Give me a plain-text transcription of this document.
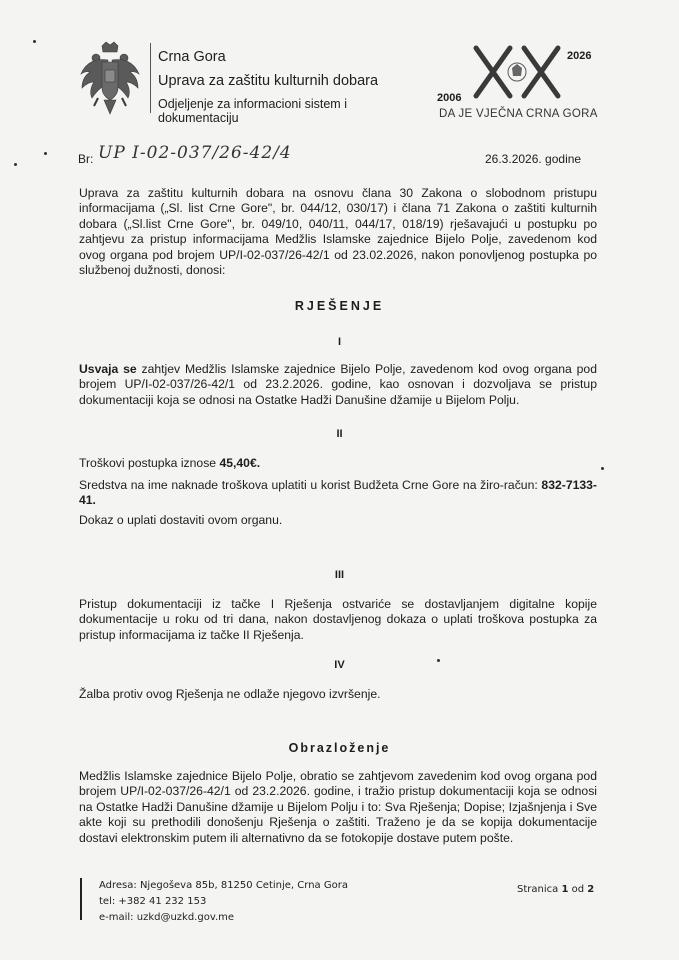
Crna Gora
Uprava za zaštitu kulturnih dobara
Odjeljenje za informacioni sistem i dokumentaciju
2026
2006
DA JE VJEČNA CRNA GORA
Br: UP I-02-037/26-42/4	26.3.2026. godine
Uprava za zaštitu kulturnih dobara na osnovu člana 30 Zakona o slobodnom pristupu informacijama („Sl. list Crne Gore", br. 044/12, 030/17) i člana 71 Zakona o zaštiti kulturnih dobara („Sl.list Crne Gore", br. 049/10, 040/11, 044/17, 018/19) rješavajući u postupku po zahtjevu za pristup informacijama Medžlis Islamske zajednice Bijelo Polje, zavedenom kod ovog organa pod brojem UP/I-02-037/26-42/1 od 23.02.2026, nakon ponovljenog postupka po službenoj dužnosti, donosi:
RJEŠENJE
I
Usvaja se zahtjev Medžlis Islamske zajednice Bijelo Polje, zavedenom kod ovog organa pod brojem UP/I-02-037/26-42/1 od 23.2.2026. godine, kao osnovan i dozvoljava se pristup dokumentaciji koja se odnosi na Ostatke Hadži Danušine džamije u Bijelom Polju.
II
Troškovi postupka iznose 45,40€.
Sredstva na ime naknade troškova uplatiti u korist Budžeta Crne Gore na žiro-račun: 832-7133-41.
Dokaz o uplati dostaviti ovom organu.
III
Pristup dokumentaciji iz tačke I Rješenja ostvariće se dostavljanjem digitalne kopije dokumentacije u roku od tri dana, nakon dostavljenog dokaza o uplati troškova postupka za pristup informacijama iz tačke II Rješenja.
IV
Žalba protiv ovog Rješenja ne odlaže njegovo izvršenje.
Obrazloženje
Medžlis Islamske zajednice Bijelo Polje, obratio se zahtjevom zavedenim kod ovog organa pod brojem UP/I-02-037/26-42/1 od 23.2.2026. godine, i tražio pristup dokumentaciji koja se odnosi na Ostatke Hadži Danušine džamije u Bijelom Polju i to: Sva Rješenja; Dopise; Izjašnjenja i Sve akte koji su prethodili donošenju Rješenja o zaštiti. Traženo je da se kopija dokumentacije dostavi elektronskim putem ili alternativno da se fotokopije dostave putem pošte.
Adresa: Njegoševa 85b, 81250 Cetinje, Crna Gora
tel: +382 41 232 153
e-mail: uzkd@uzkd.gov.me
Stranica 1 od 2
